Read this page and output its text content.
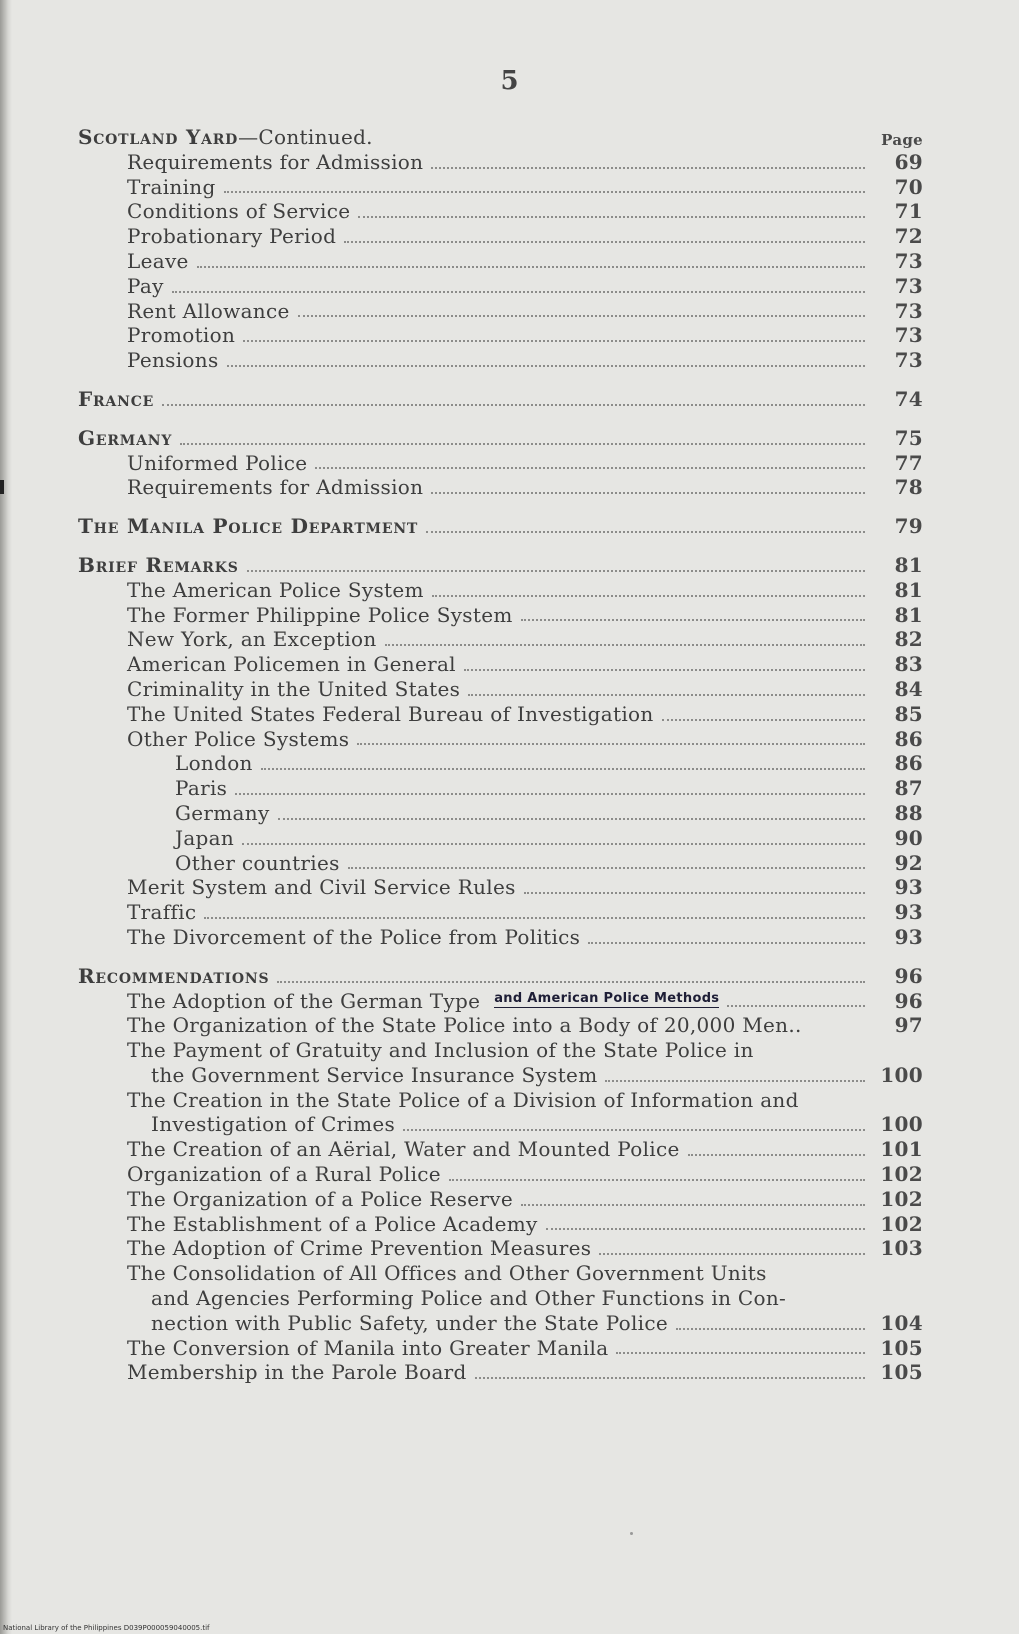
5
Scotland Yard—Continued.	Page
Requirements for Admission	69
Training	70
Conditions of Service	71
Probationary Period	72
Leave	73
Pay	73
Rent Allowance	73
Promotion	73
Pensions	73
France	74
Germany	75
Uniformed Police	77
Requirements for Admission	78
The Manila Police Department	79
Brief Remarks	81
The American Police System	81
The Former Philippine Police System	81
New York, an Exception	82
American Policemen in General	83
Criminality in the United States	84
The United States Federal Bureau of Investigation	85
Other Police Systems	86
London	86
Paris	87
Germany	88
Japan	90
Other countries	92
Merit System and Civil Service Rules	93
Traffic	93
The Divorcement of the Police from Politics	93
Recommendations	96
The Adoption of the German Type and American Police Methods	96
The Organization of the State Police into a Body of 20,000 Men..	97
The Payment of Gratuity and Inclusion of the State Police in
the Government Service Insurance System	100
The Creation in the State Police of a Division of Information and
Investigation of Crimes	100
The Creation of an Aërial, Water and Mounted Police	101
Organization of a Rural Police	102
The Organization of a Police Reserve	102
The Establishment of a Police Academy	102
The Adoption of Crime Prevention Measures	103
The Consolidation of All Offices and Other Government Units
and Agencies Performing Police and Other Functions in Con-
nection with Public Safety, under the State Police	104
The Conversion of Manila into Greater Manila	105
Membership in the Parole Board	105
National Library of the Philippines D039P000059040005.tif
